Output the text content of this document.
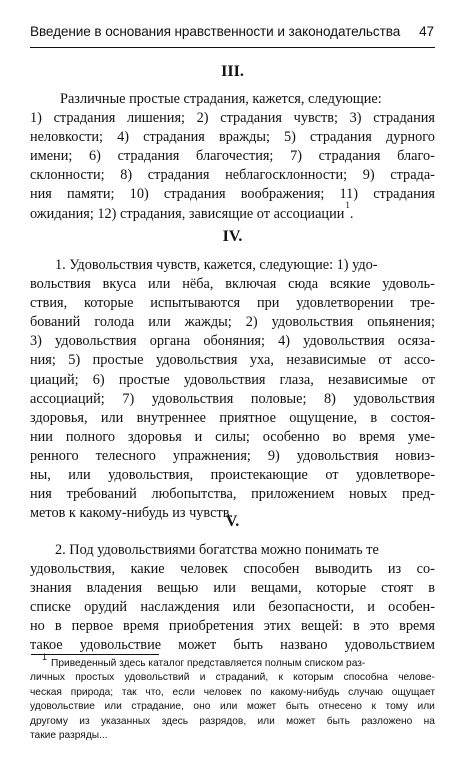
Введение в основания нравственности и законодательства 47
III.
Различные простые страдания, кажется, следующие:
1) страдания лишения; 2) страдания чувств; 3) страдания
неловкости; 4) страдания вражды; 5) страдания дурного
имени; 6) страдания благочестия; 7) страдания благо-
склонности; 8) страдания неблагосклонности; 9) страда-
ния памяти; 10) страдания воображения; 11) страдания
ожидания; 12) страдания, зависящие от ассоциации
1
.
IV.
1. Удовольствия чувств, кажется, следующие: 1) удо-
вольствия вкуса или нёба, включая сюда всякие удоволь-
ствия, которые испытываются при удовлетворении тре-
бований голода или жажды; 2) удовольствия опьянения;
3) удовольствия органа обоняния; 4) удовольствия осяза-
ния; 5) простые удовольствия уха, независимые от ассо-
циаций; 6) простые удовольствия глаза, независимые от
ассоциаций; 7) удовольствия половые; 8) удовольствия
здоровья, или внутреннее приятное ощущение, в состоя-
нии полного здоровья и силы; особенно во время уме-
ренного телесного упражнения; 9) удовольствия новиз-
ны, или удовольствия, проистекающие от удовлетворе-
ния требований любопытства, приложением новых пред-
метов к какому-нибудь из чувств.
V.
2. Под удовольствиями богатства можно понимать те
удовольствия, какие человек способен выводить из со-
знания владения вещью или вещами, которые стоят в
списке орудий наслаждения или безопасности, и особен-
но в первое время приобретения этих вещей: в это время
такое удовольствие может быть названо удовольствием
1
Приведенный здесь каталог представляется полным списком раз-
личных простых удовольствий и страданий, к которым способна челове-
ческая природа; так что, если человек по какому-нибудь случаю ощущает
удовольствие или страдание, оно или может быть отнесено к тому или
другому из указанных здесь разрядов, или может быть разложено на
такие разряды...
